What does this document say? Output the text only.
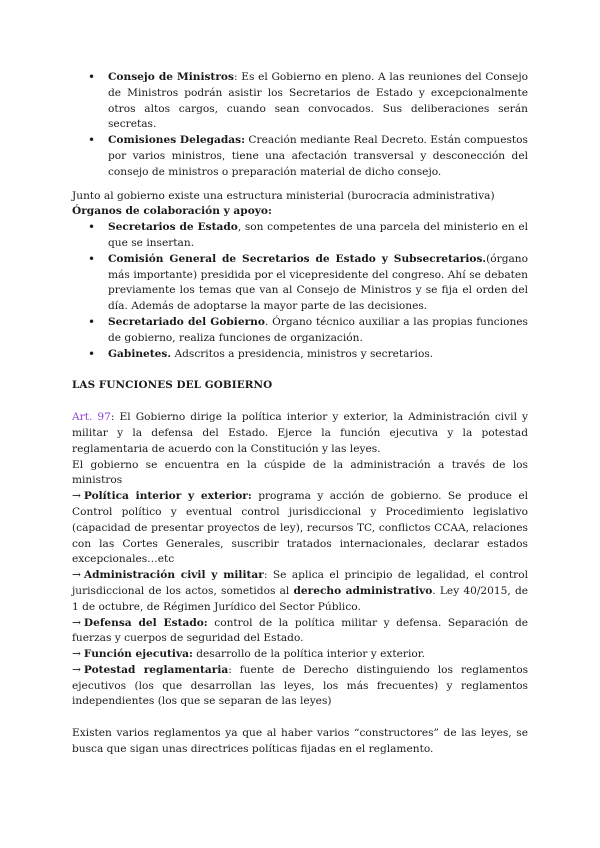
• Consejo de Ministros: Es el Gobierno en pleno. A las reuniones del Consejo de Ministros podrán asistir los Secretarios de Estado y excepcionalmente otros altos cargos, cuando sean convocados. Sus deliberaciones serán secretas.
• Comisiones Delegadas: Creación mediante Real Decreto. Están compuestos por varios ministros, tiene una afectación transversal y desconección del consejo de ministros o preparación material de dicho consejo.

Junto al gobierno existe una estructura ministerial (burocracia administrativa)

Órganos de colaboración y apoyo:

• Secretarios de Estado, son competentes de una parcela del ministerio en el que se insertan.
• Comisión General de Secretarios de Estado y Subsecretarios.(órgano más importante) presidida por el vicepresidente del congreso. Ahí se debaten previamente los temas que van al Consejo de Ministros y se fija el orden del día. Además de adoptarse la mayor parte de las decisiones.
• Secretariado del Gobierno. Órgano técnico auxiliar a las propias funciones de gobierno, realiza funciones de organización.
• Gabinetes. Adscritos a presidencia, ministros y secretarios.

LAS FUNCIONES DEL GOBIERNO

Art. 97: El Gobierno dirige la política interior y exterior, la Administración civil y militar y la defensa del Estado. Ejerce la función ejecutiva y la potestad reglamentaria de acuerdo con la Constitución y las leyes.

El gobierno se encuentra en la cúspide de la administración a través de los ministros

→ Política interior y exterior: programa y acción de gobierno. Se produce el Control político y eventual control jurisdiccional y Procedimiento legislativo (capacidad de presentar proyectos de ley), recursos TC, conflictos CCAA, relaciones con las Cortes Generales, suscribir tratados internacionales, declarar estados excepcionales…etc

→ Administración civil y militar: Se aplica el principio de legalidad, el control jurisdiccional de los actos, sometidos al derecho administrativo. Ley 40/2015, de 1 de octubre, de Régimen Jurídico del Sector Público.

→ Defensa del Estado: control de la política militar y defensa. Separación de fuerzas y cuerpos de seguridad del Estado.

→ Función ejecutiva: desarrollo de la política interior y exterior.

→ Potestad reglamentaria: fuente de Derecho distinguiendo los reglamentos ejecutivos (los que desarrollan las leyes, los más frecuentes) y reglamentos independientes (los que se separan de las leyes)

Existen varios reglamentos ya que al haber varios “constructores” de las leyes, se busca que sigan unas directrices políticas fijadas en el reglamento.
